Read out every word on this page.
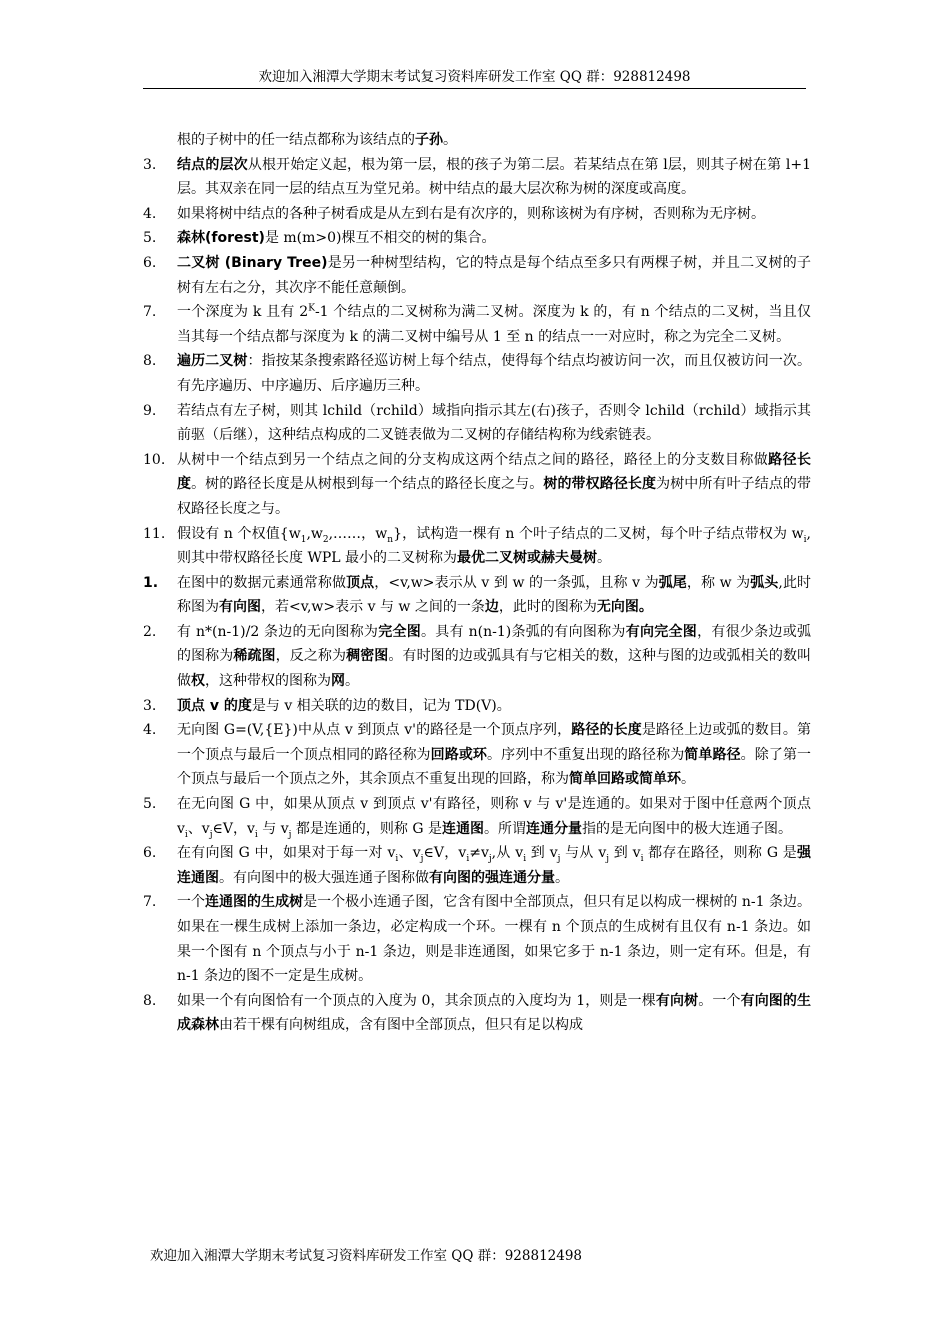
欢迎加入湘潭大学期末考试复习资料库研发工作室 QQ 群：928812498
根的子树中的任一结点都称为该结点的子孙。
3.	结点的层次从根开始定义起，根为第一层，根的孩子为第二层。若某结点在第 l层，则其子树在第 l+1 层。其双亲在同一层的结点互为堂兄弟。树中结点的最大层次称为树的深度或高度。
4.	如果将树中结点的各种子树看成是从左到右是有次序的，则称该树为有序树，否则称为无序树。
5.	森林(forest)是 m(m>0)棵互不相交的树的集合。
6.	二叉树 (Binary Tree)是另一种树型结构，它的特点是每个结点至多只有两棵子树，并且二叉树的子树有左右之分，其次序不能任意颠倒。
7.	一个深度为 k 且有 $2^K-1$ 个结点的二叉树称为满二叉树。深度为 k 的，有 n 个结点的二叉树，当且仅当其每一个结点都与深度为 k 的满二叉树中编号从 1 至 n 的结点一一对应时，称之为完全二叉树。
8.	遍历二叉树：指按某条搜索路径巡访树上每个结点，使得每个结点均被访问一次，而且仅被访问一次。有先序遍历、中序遍历、后序遍历三种。
9.	若结点有左子树，则其 lchild（rchild）域指向指示其左(右)孩子，否则令 lchild（rchild）域指示其前驱（后继），这种结点构成的二叉链表做为二叉树的存储结构称为线索链表。
10. 从树中一个结点到另一个结点之间的分支构成这两个结点之间的路径，路径上的分支数目称做路径长度。树的路径长度是从树根到每一个结点的路径长度之与。树的带权路径长度为树中所有叶子结点的带权路径长度之与。
11. 假设有 n 个权值{$w_1,w_2,\dots\dots$，$w_n$}，试构造一棵有 n 个叶子结点的二叉树，每个叶子结点带权为 $w_i$,则其中带权路径长度 WPL 最小的二叉树称为最优二叉树或赫夫曼树。
1.	在图中的数据元素通常称做顶点，<v,w>表示从 v 到 w 的一条弧，且称 v 为弧尾，称 w 为弧头,此时称图为有向图，若<v,w>表示 v 与 w 之间的一条边，此时的图称为无向图。
2.	有 n*(n-1)/2 条边的无向图称为完全图。具有 n(n-1)条弧的有向图称为有向完全图，有很少条边或弧的图称为稀疏图，反之称为稠密图。有时图的边或弧具有与它相关的数，这种与图的边或弧相关的数叫做权，这种带权的图称为网。
3.	顶点 v 的度是与 v 相关联的边的数目，记为 TD(V)。
4.	无向图 G=(V,{E})中从点 v 到顶点 v'的路径是一个顶点序列，路径的长度是路径上边或弧的数目。第一个顶点与最后一个顶点相同的路径称为回路或环。序列中不重复出现的路径称为简单路径。除了第一个顶点与最后一个顶点之外，其余顶点不重复出现的回路，称为简单回路或简单环。
5.	在无向图 G 中，如果从顶点 v 到顶点 v'有路径，则称 v 与 v'是连通的。如果对于图中任意两个顶点 $v_i$、$v_j\in V$，$v_i$ 与 $v_j$ 都是连通的，则称 G 是连通图。所谓连通分量指的是无向图中的极大连通子图。
6.	在有向图 G 中，如果对于每一对 $v_i$、$v_j\in V$，$v_i\ne v_j$,从 $v_i$ 到 $v_j$ 与从 $v_j$ 到 $v_i$ 都存在路径，则称 G 是强连通图。有向图中的极大强连通子图称做有向图的强连通分量。
7.	一个连通图的生成树是一个极小连通子图，它含有图中全部顶点，但只有足以构成一棵树的 n-1 条边。如果在一棵生成树上添加一条边，必定构成一个环。一棵有 n 个顶点的生成树有且仅有 n-1 条边。如果一个图有 n 个顶点与小于 n-1 条边，则是非连通图，如果它多于 n-1 条边，则一定有环。但是，有 n-1 条边的图不一定是生成树。
8.	如果一个有向图恰有一个顶点的入度为 0，其余顶点的入度均为 1，则是一棵有向树。一个有向图的生成森林由若干棵有向树组成，含有图中全部顶点，但只有足以构成
欢迎加入湘潭大学期末考试复习资料库研发工作室 QQ 群：928812498
